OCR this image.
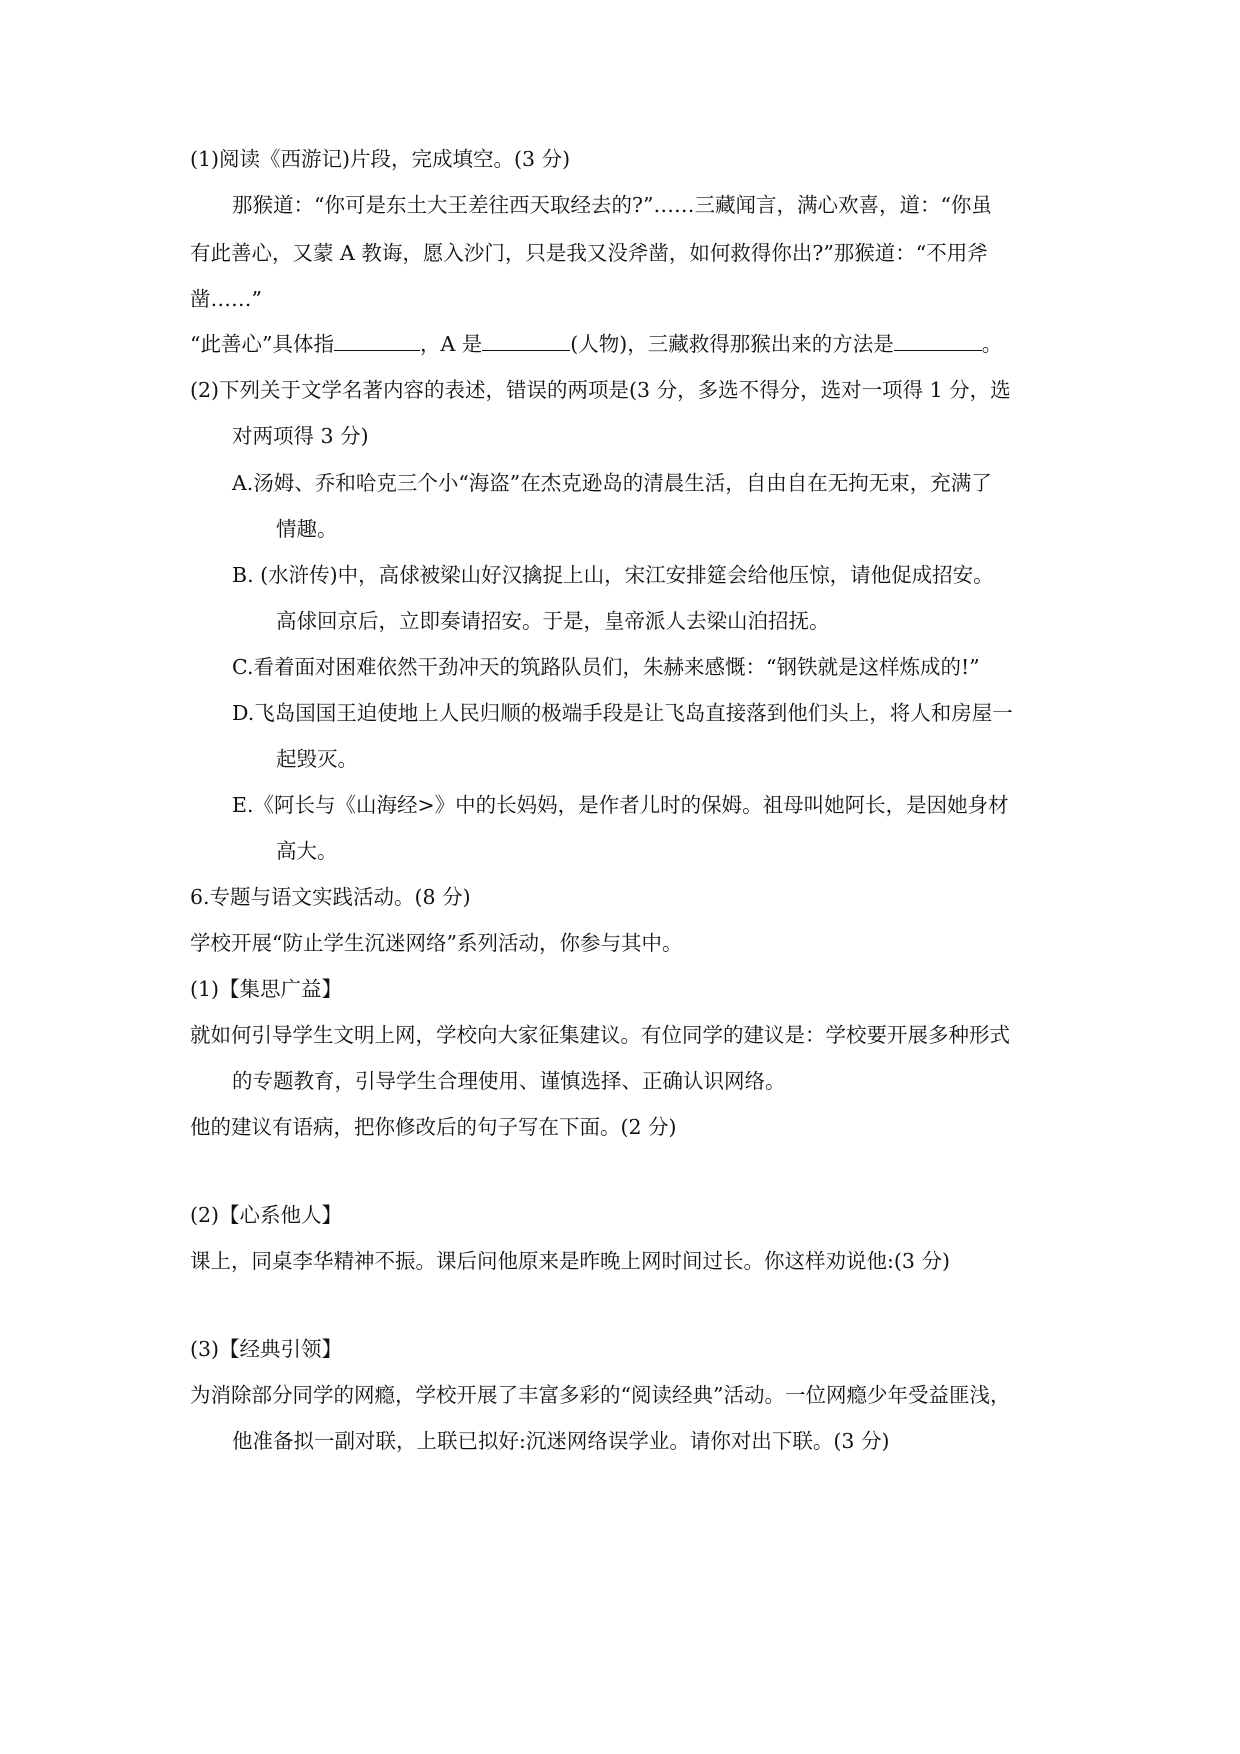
(1)阅读《西游记)片段，完成填空。(3 分)
那猴道：“你可是东土大王差往西天取经去的?”……三藏闻言，满心欢喜，道：“你虽
有此善心，又蒙 A 教诲，愿入沙门，只是我又没斧凿，如何救得你出?”那猴道：“不用斧
凿……”
“此善心”具体指	，A 是	(人物)，三藏救得那猴出来的方法是	。
(2)下列关于文学名著内容的表述，错误的两项是(3 分，多选不得分，选对一项得 1 分，选
对两项得 3 分)
A.汤姆、乔和哈克三个小“海盗”在杰克逊岛的清晨生活，自由自在无拘无束，充满了
情趣。
B. (水浒传)中，高俅被梁山好汉擒捉上山，宋江安排筵会给他压惊，请他促成招安。
高俅回京后，立即奏请招安。于是，皇帝派人去梁山泊招抚。
C.看着面对困难依然干劲冲天的筑路队员们，朱赫来感慨：“钢铁就是这样炼成的!”
D.飞岛国国王迫使地上人民归顺的极端手段是让飞岛直接落到他们头上，将人和房屋一
起毁灭。
E.《阿长与《山海经>》中的长妈妈，是作者儿时的保姆。祖母叫她阿长，是因她身材
高大。
6.专题与语文实践活动。(8 分)
学校开展“防止学生沉迷网络”系列活动，你参与其中。
(1)【集思广益】
就如何引导学生文明上网，学校向大家征集建议。有位同学的建议是：学校要开展多种形式
的专题教育，引导学生合理使用、谨慎选择、正确认识网络。
他的建议有语病，把你修改后的句子写在下面。(2 分)
(2)【心系他人】
课上，同桌李华精神不振。课后问他原来是昨晚上网时间过长。你这样劝说他:(3 分)
(3)【经典引领】
为消除部分同学的网瘾，学校开展了丰富多彩的“阅读经典”活动。一位网瘾少年受益匪浅，
他准备拟一副对联，上联已拟好:沉迷网络误学业。请你对出下联。(3 分)
